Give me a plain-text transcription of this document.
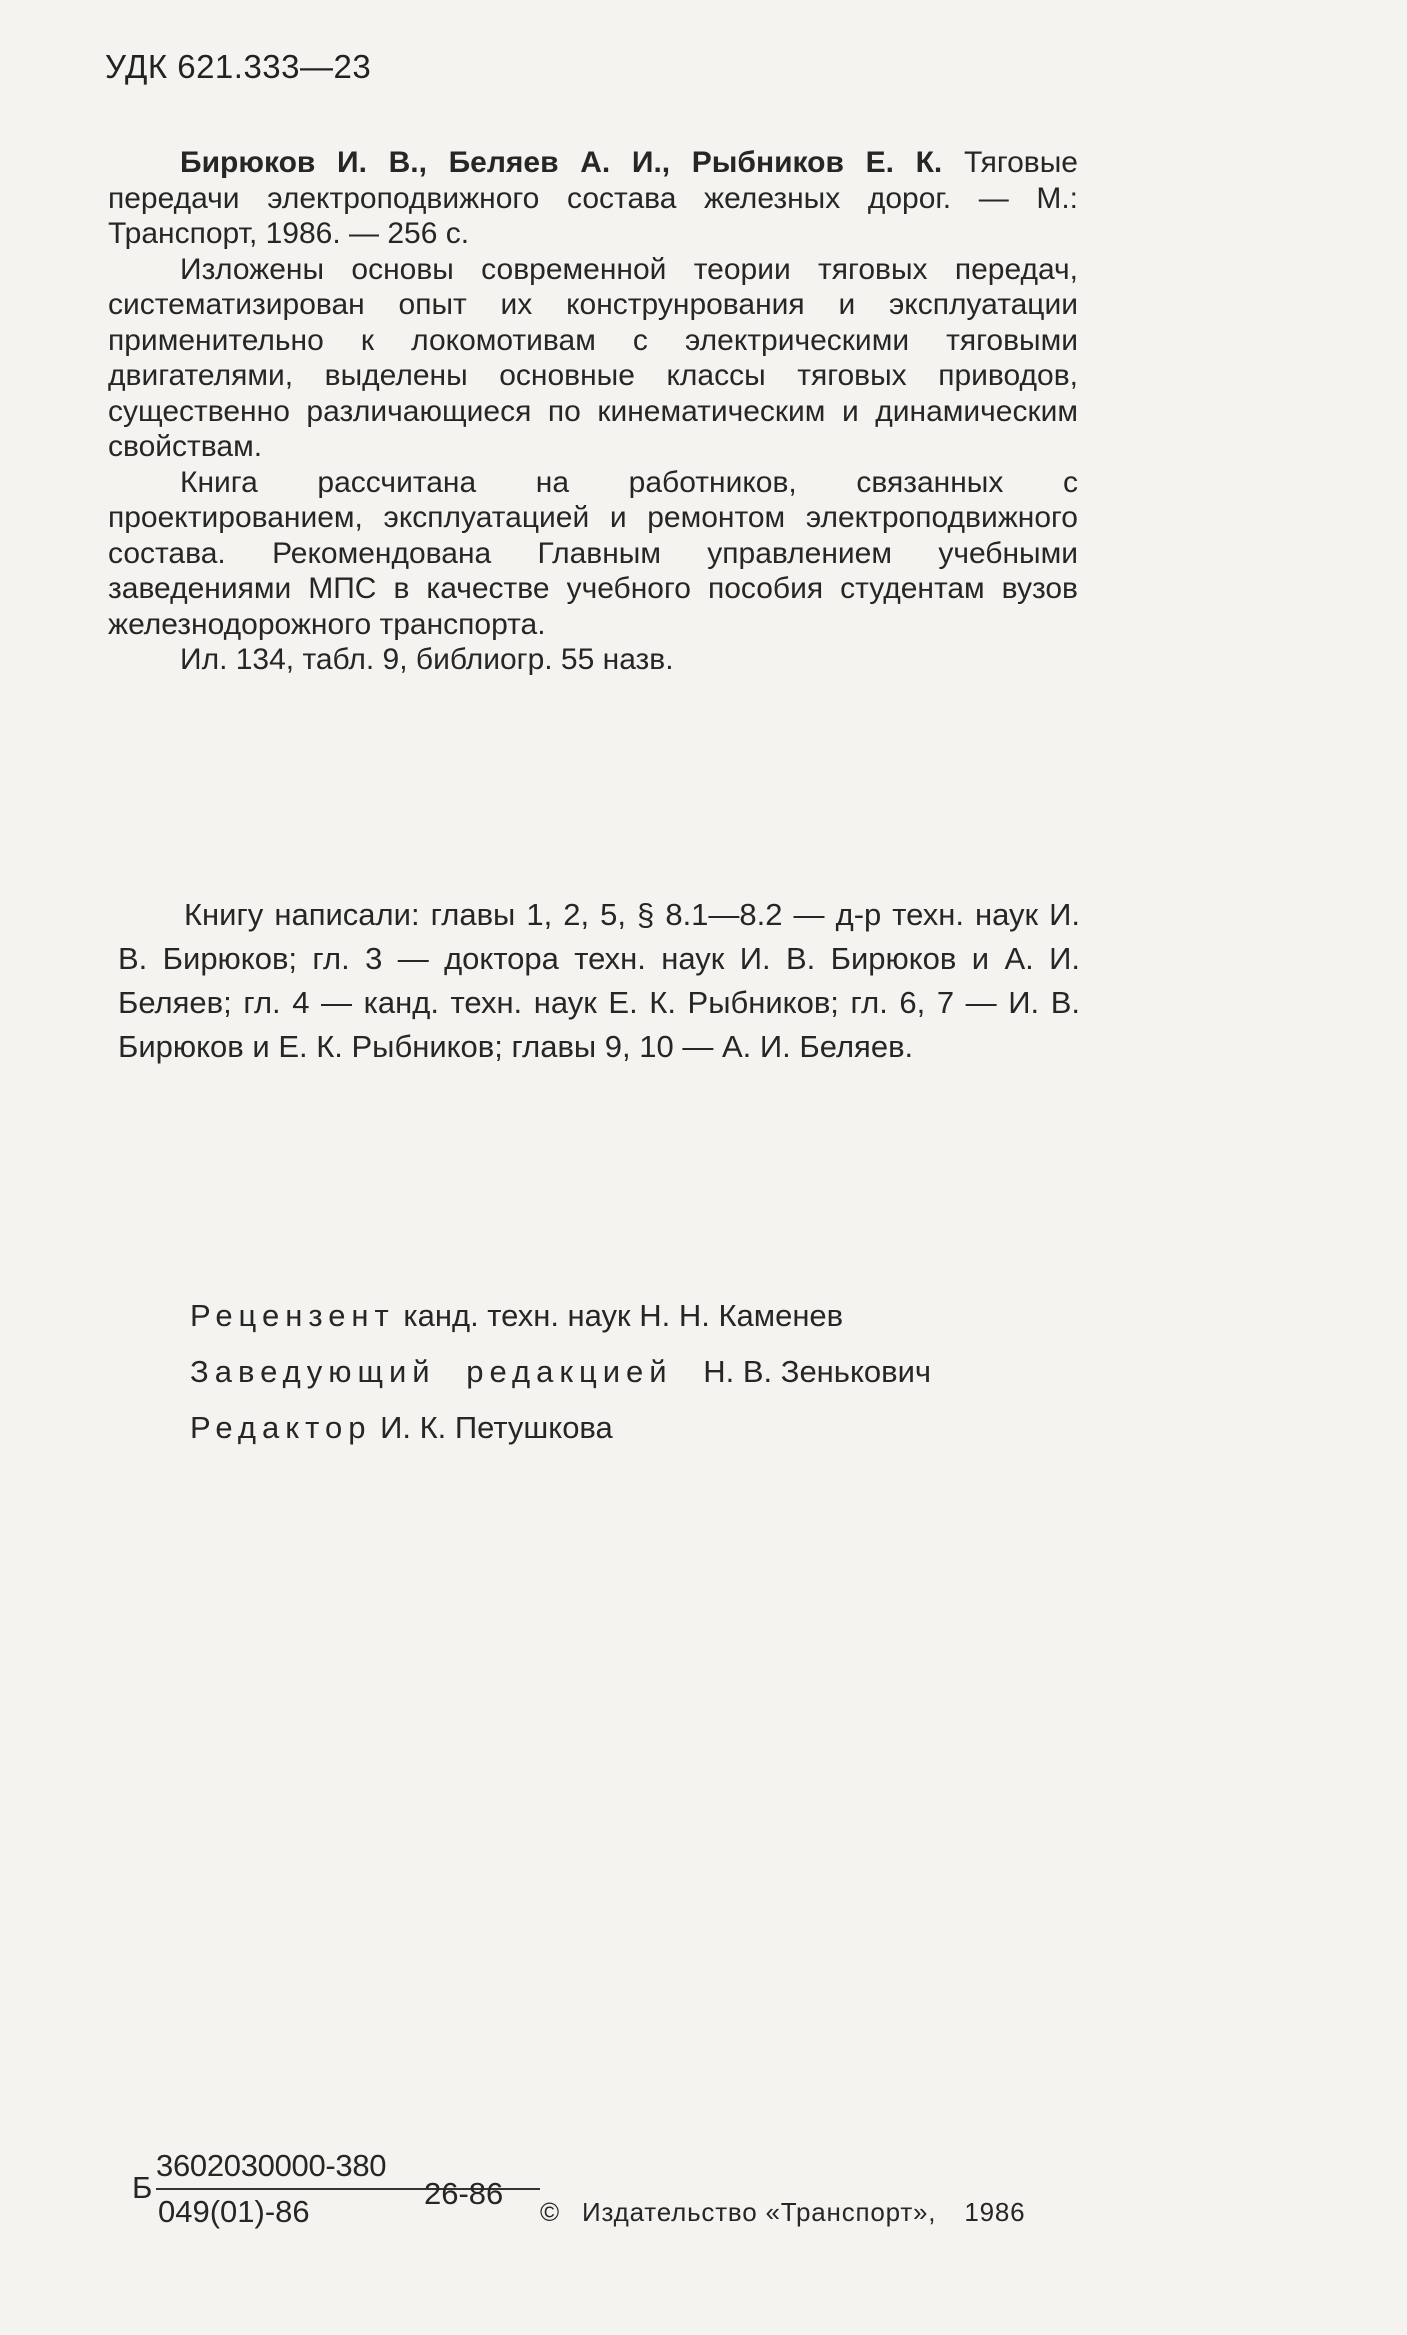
УДК 621.333—23

Бирюков И. В., Беляев А. И., Рыбников Е. К. Тяговые передачи электроподвижного состава железных дорог. — М.: Транспорт, 1986. — 256 с.

Изложены основы современной теории тяговых передач, систематизирован опыт их конструнрования и эксплуатации применительно к локомотивам с электрическими тяговыми двигателями, выделены основные классы тяговых приводов, существенно различающиеся по кинематическим и динамическим свойствам.

Книга рассчитана на работников, связанных с проектированием, эксплуатацией и ремонтом электроподвижного состава. Рекомендована Главным управлением учебными заведениями МПС в качестве учебного пособия студентам вузов железнодорожного транспорта.

Ил. 134, табл. 9, библиогр. 55 назв.

Книгу написали: главы 1, 2, 5, § 8.1—8.2 — д-р техн. наук И. В. Бирюков; гл. 3 — доктора техн. наук И. В. Бирюков и А. И. Беляев; гл. 4 — канд. техн. наук Е. К. Рыбников; гл. 6, 7 — И. В. Бирюков и Е. К. Рыбников; главы 9, 10 — А. И. Беляев.

Рецензент канд. техн. наук Н. Н. Каменев
Заведующий редакцией Н. В. Зенькович
Редактор И. К. Петушкова
Б
3602030000-380
049(01)-86
26-86
© Издательство «Транспорт», 1986
